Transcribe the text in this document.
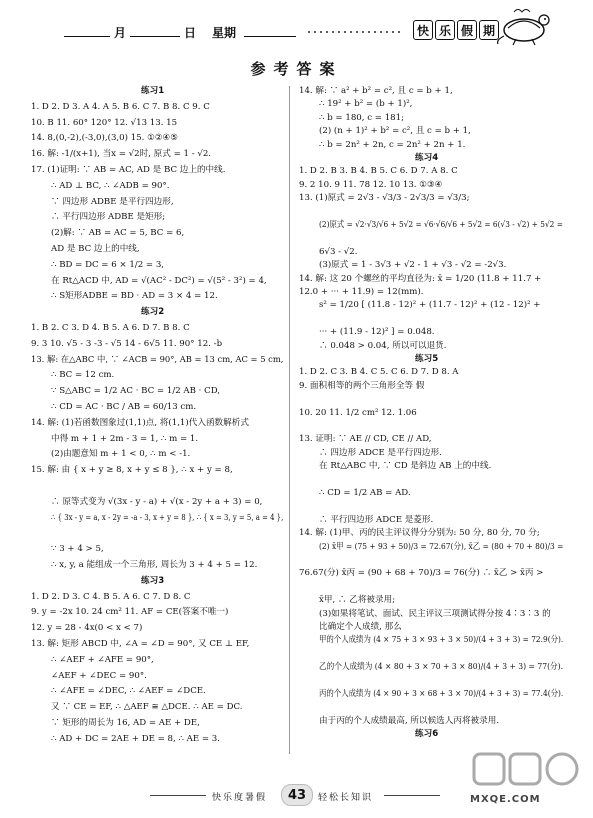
月	日 星期	快 乐 假 期
参考答案
练习1
1. D 2. D 3. A 4. A 5. B 6. C 7. B 8. C 9. C
10. B 11. 60° 120° 12. √13 13. 15
14. 8,(0,-2),(-3,0),(3,0) 15. ①②④⑤
16. 解: -1/(x+1), 当x = √2时, 原式 = 1 - √2.
17. (1)证明: ∵ AB = AC, AD 是 BC 边上的中线.
∴ AD ⊥ BC, ∴ ∠ADB = 90°.
∵ 四边形 ADBE 是平行四边形,
∴ 平行四边形 ADBE 是矩形;
(2)解: ∵ AB = AC = 5, BC = 6,
AD 是 BC 边上的中线,
∴ BD = DC = 6 × 1/2 = 3,
在 Rt△ACD 中, AD = √(AC² - DC²) = √(5² - 3²) = 4,
∴ S矩形ADBE = BD · AD = 3 × 4 = 12.
练习2
1. B 2. C 3. D 4. B 5. A 6. D 7. B 8. C
9. 3 10. √5 - 3 -3 - √5 14 - 6√5 11. 90° 12. -b
13. 解: 在△ABC 中, ∵ ∠ACB = 90°, AB = 13 cm, AC = 5 cm,
∴ BC = 12 cm.
∵ S△ABC = 1/2 AC · BC = 1/2 AB · CD,
∴ CD = AC · BC / AB = 60/13 cm.
14. 解: (1)若函数图象过(1,1)点, 将(1,1)代入函数解析式
中得 m + 1 + 2m - 3 = 1, ∴ m = 1.
(2)由题意知 m + 1 < 0, ∴ m < -1.
15. 解: 由 { x + y ≥ 8, x + y ≤ 8 }, ∴ x + y = 8,
∴ 原等式变为 √(3x - y - a) + √(x - 2y + a + 3) = 0,
∴ { 3x - y = a, x - 2y = -a - 3, x + y = 8 }, ∴ { x = 3, y = 5, a = 4 },
∵ 3 + 4 > 5,
∴ x, y, a 能组成一个三角形, 周长为 3 + 4 + 5 = 12.
练习3
1. D 2. D 3. C 4. B 5. A 6. C 7. D 8. C
9. y = -2x 10. 24 cm² 11. AF = CE(答案不唯一)
12. y = 28 - 4x(0 < x < 7)
13. 解: 矩形 ABCD 中, ∠A = ∠D = 90°, 又 CE ⊥ EF,
∴ ∠AEF + ∠AFE = 90°,
∠AEF + ∠DEC = 90°.
∴ ∠AFE = ∠DEC, ∴ ∠AEF = ∠DCE.
又 ∵ CE = EF, ∴ △AEF ≅ △DCE. ∴ AE = DC.
∵ 矩形的周长为 16, AD = AE + DE,
∴ AD + DC = 2AE + DE = 8, ∴ AE = 3.
14. 解: ∵ a² + b² = c², 且 c = b + 1,
∴ 19² + b² = (b + 1)²,
∴ b = 180, c = 181;
(2) (n + 1)² + b² = c², 且 c = b + 1,
∴ b = 2n² + 2n, c = 2n² + 2n + 1.
练习4
1. D 2. B 3. B 4. B 5. C 6. D 7. A 8. C
9. 2 10. 9 11. 78 12. 10 13. ①③④
13. (1)原式 = 2√3 - √3/3 - 2√3/3 = √3/3;
(2)原式 = √2·√3/√6 + 5√2 = √6·√6/√6 + 5√2 = 6(√3 - √2) + 5√2 =
6√3 - √2.
(3)原式 = 1 - 3√3 + √2 - 1 + √3 - √2 = -2√3.
14. 解: 这 20 个螺丝的平均直径为: x̄ = 1/20 (11.8 + 11.7 +
12.0 + ··· + 11.9) = 12(mm).
s² = 1/20 [ (11.8 - 12)² + (11.7 - 12)² + (12 - 12)² +
··· + (11.9 - 12)² ] = 0.048.
∴ 0.048 > 0.04, 所以可以退货.
练习5
1. D 2. C 3. B 4. C 5. C 6. D 7. D 8. A
9. 面积相等的两个三角形全等 假
10. 20 11. 1/2 cm² 12. 1.06
13. 证明: ∵ AE // CD, CE // AD,
∴ 四边形 ADCE 是平行四边形.
在 Rt△ABC 中, ∵ CD 是斜边 AB 上的中线.
∴ CD = 1/2 AB = AD.
∴ 平行四边形 ADCE 是菱形.
14. 解: (1)甲、丙的民主评议得分分别为: 50 分, 80 分, 70 分;
(2) x̄甲 = (75 + 93 + 50)/3 = 72.67(分), x̄乙 = (80 + 70 + 80)/3 =
76.67(分) x̄丙 = (90 + 68 + 70)/3 = 76(分) ∴ x̄乙 > x̄丙 >
x̄甲, ∴ 乙将被录用;
(3)如果将笔试、面试、民主评议三项测试得分按 4∶3∶3 的
比确定个人成绩, 那么
甲的个人成绩为 (4 × 75 + 3 × 93 + 3 × 50)/(4 + 3 + 3) = 72.9(分).
乙的个人成绩为 (4 × 80 + 3 × 70 + 3 × 80)/(4 + 3 + 3) = 77(分).
丙的个人成绩为 (4 × 90 + 3 × 68 + 3 × 70)/(4 + 3 + 3) = 77.4(分).
由于丙的个人成绩最高, 所以候选人丙将被录用.
练习6
快乐度暑假	43	轻松长知识	MXQE.COM
